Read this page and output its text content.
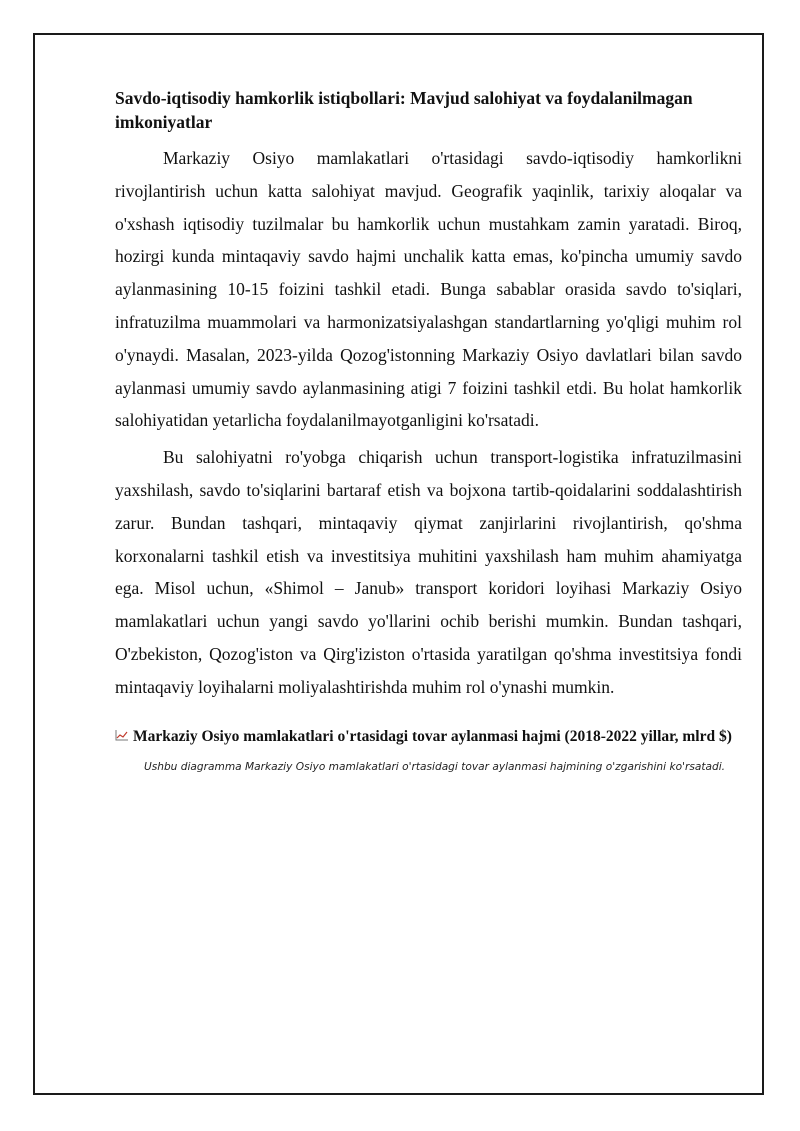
Savdo-iqtisodiy hamkorlik istiqbollari: Mavjud salohiyat va foydalanilmagan imkoniyatlar

Markaziy Osiyo mamlakatlari o'rtasidagi savdo-iqtisodiy hamkorlikni rivojlantirish uchun katta salohiyat mavjud. Geografik yaqinlik, tarixiy aloqalar va o'xshash iqtisodiy tuzilmalar bu hamkorlik uchun mustahkam zamin yaratadi. Biroq, hozirgi kunda mintaqaviy savdo hajmi unchalik katta emas, ko'pincha umumiy savdo aylanmasining 10-15 foizini tashkil etadi. Bunga sabablar orasida savdo to'siqlari, infratuzilma muammolari va harmonizatsiyalashgan standartlarning yo'qligi muhim rol o'ynaydi. Masalan, 2023-yilda Qozog'istonning Markaziy Osiyo davlatlari bilan savdo aylanmasi umumiy savdo aylanmasining atigi 7 foizini tashkil etdi. Bu holat hamkorlik salohiyatidan yetarlicha foydalanilmayotganligini ko'rsatadi.

Bu salohiyatni ro'yobga chiqarish uchun transport-logistika infratuzilmasini yaxshilash, savdo to'siqlarini bartaraf etish va bojxona tartib-qoidalarini soddalashtirish zarur. Bundan tashqari, mintaqaviy qiymat zanjirlarini rivojlantirish, qo'shma korxonalarni tashkil etish va investitsiya muhitini yaxshilash ham muhim ahamiyatga ega. Misol uchun, «Shimol – Janub» transport koridori loyihasi Markaziy Osiyo mamlakatlari uchun yangi savdo yo'llarini ochib berishi mumkin. Bundan tashqari, O'zbekiston, Qozog'iston va Qirg'iziston o'rtasida yaratilgan qo'shma investitsiya fondi mintaqaviy loyihalarni moliyalashtirishda muhim rol o'ynashi mumkin.

Markaziy Osiyo mamlakatlari o'rtasidagi tovar aylanmasi hajmi (2018-2022 yillar, mlrd $)

Ushbu diagramma Markaziy Osiyo mamlakatlari o'rtasidagi tovar aylanmasi hajmining o'zgarishini ko'rsatadi.
